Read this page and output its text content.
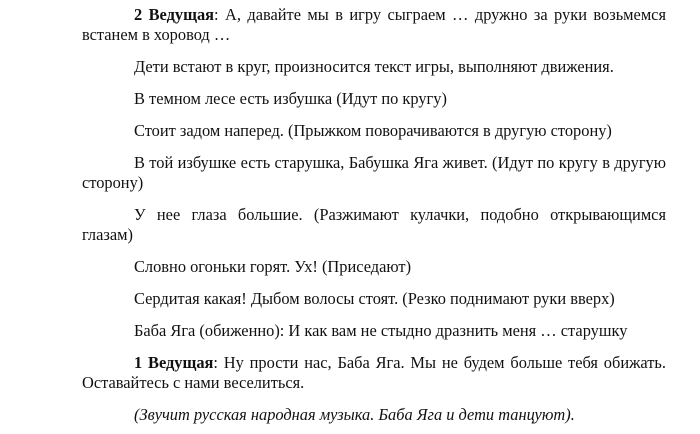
2 Ведущая: А, давайте мы в игру сыграем … дружно за руки возьмемся встанем в хоровод …

Дети встают в круг, произносится текст игры, выполняют движения.

В темном лесе есть избушка (Идут по кругу)

Стоит задом наперед. (Прыжком поворачиваются в другую сторону)

В той избушке есть старушка, Бабушка Яга живет. (Идут по кругу в другую сторону)

У нее глаза большие. (Разжимают кулачки, подобно открывающимся глазам)

Словно огоньки горят. Ух! (Приседают)

Сердитая какая! Дыбом волосы стоят. (Резко поднимают руки вверх)

Баба Яга (обиженно): И как вам не стыдно дразнить меня … старушку

1 Ведущая: Ну прости нас, Баба Яга. Мы не будем больше тебя обижать. Оставайтесь с нами веселиться.

(Звучит русская народная музыка. Баба Яга и дети танцуют).
